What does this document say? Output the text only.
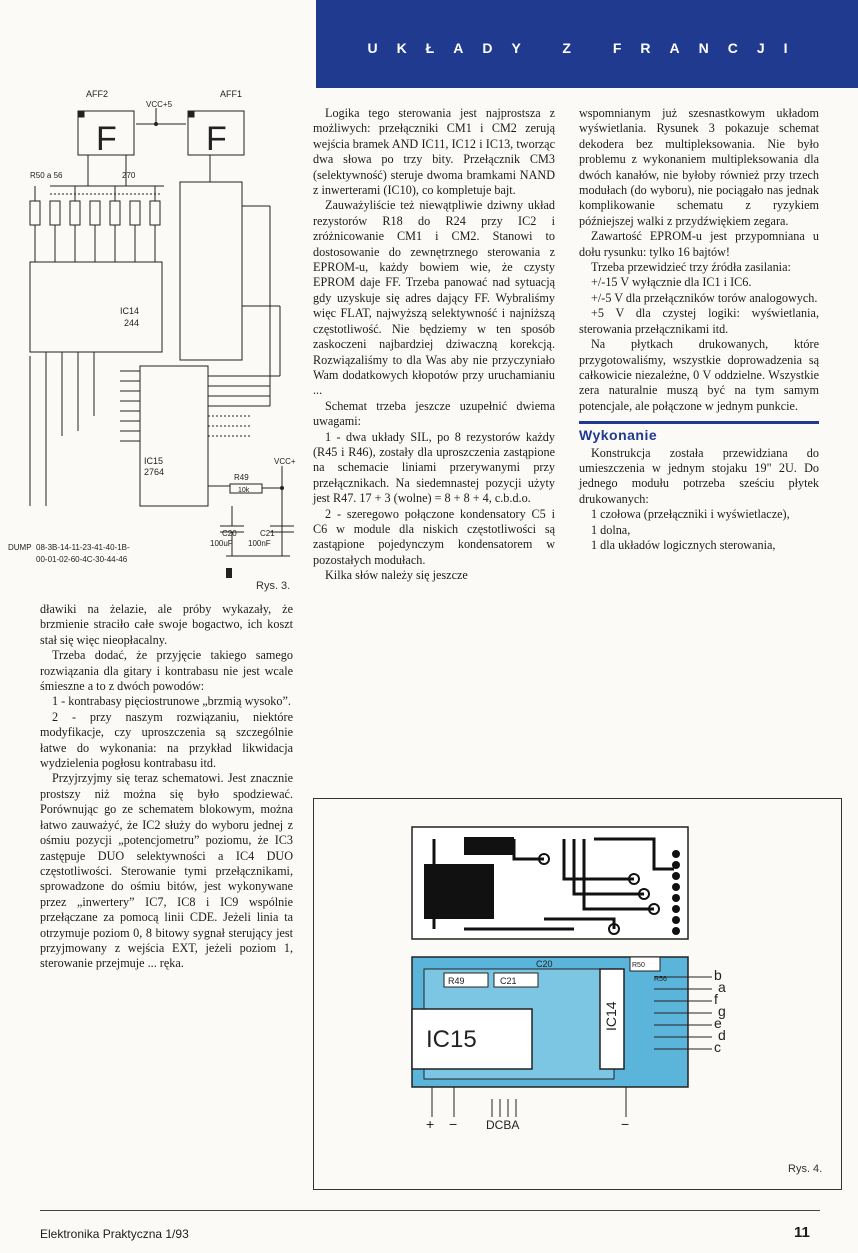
UKŁADY Z FRANCJI
AFF2	AFF1
VCC+5
F	F
R50 a 56	270
IC14
244
IC15
2764
R49
10k
VCC+
C20
100uF
C21
100nF
DUMP 08-3B-14-11-23-41-40-1B-
00-01-02-60-4C-30-44-46
Rys. 3.

dławiki na żelazie, ale próby wykazały, że brzmienie straciło całe swoje bogactwo, ich koszt stał się więc nieopłacalny.

Trzeba dodać, że przyjęcie takiego samego rozwiązania dla gitary i kontrabasu nie jest wcale śmieszne a to z dwóch powodów:

1 - kontrabasy pięciostrunowe „brzmią wysoko”.

2 - przy naszym rozwiązaniu, niektóre modyfikacje, czy uproszczenia są szczególnie łatwe do wykonania: na przykład likwidacja wydzielenia pogłosu kontrabasu itd.

Przyjrzyjmy się teraz schematowi. Jest znacznie prostszy niż można się było spodziewać. Porównując go ze schematem blokowym, można łatwo zauważyć, że IC2 służy do wyboru jednej z ośmiu pozycji „potencjometru” poziomu, że IC3 zastępuje DUO selektywności a IC4 DUO częstotliwości. Sterowanie tymi przełącznikami, sprowadzone do ośmiu bitów, jest wykonywane przez „inwertery” IC7, IC8 i IC9 wspólnie przełączane za pomocą linii CDE. Jeżeli linia ta otrzymuje poziom 0, 8 bitowy sygnał sterujący jest przyjmowany z wejścia EXT, jeżeli poziom 1, sterowanie przejmuje ... ręka.

Logika tego sterowania jest najprostsza z możliwych: przełączniki CM1 i CM2 zerują wejścia bramek AND IC11, IC12 i IC13, tworząc dwa słowa po trzy bity. Przełącznik CM3 (selektywność) steruje dwoma bramkami NAND z inwerterami (IC10), co kompletuje bajt.

Zauważyliście też niewątpliwie dziwny układ rezystorów R18 do R24 przy IC2 i zróżnicowanie CM1 i CM2. Stanowi to dostosowanie do zewnętrznego sterowania z EPROM-u, każdy bowiem wie, że czysty EPROM daje FF. Trzeba panować nad sytuacją gdy uzyskuje się adres dający FF. Wybraliśmy więc FLAT, najwyższą selektywność i najniższą częstotliwość. Nie będziemy w ten sposób zaskoczeni najbardziej dziwaczną korekcją. Rozwiązaliśmy to dla Was aby nie przyczyniało Wam dodatkowych kłopotów przy uruchamianiu ...

Schemat trzeba jeszcze uzupełnić dwiema uwagami:

1 - dwa układy SIL, po 8 rezystorów każdy (R45 i R46), zostały dla uproszczenia zastąpione na schemacie liniami przerywanymi przy przełącznikach. Na siedemnastej pozycji użyty jest R47. 17 + 3 (wolne) = 8 + 8 + 4, c.b.d.o.

2 - szeregowo połączone kondensatory C5 i C6 w module dla niskich częstotliwości są zastąpione pojedynczym kondensatorem w pozostałych modułach.

Kilka słów należy się jeszcze

wspomnianym już szesnastkowym układom wyświetlania. Rysunek 3 pokazuje schemat dekodera bez multipleksowania. Nie było problemu z wykonaniem multipleksowania dla dwóch kanałów, nie byłoby również przy trzech modułach (do wyboru), nie pociągało nas jednak komplikowanie schematu z ryzykiem późniejszej walki z przydźwiękiem zegara.

Zawartość EPROM-u jest przypomniana u dołu rysunku: tylko 16 bajtów!

Trzeba przewidzieć trzy źródła zasilania:

+/-15 V wyłącznie dla IC1 i IC6.

+/-5 V dla przełączników torów analogowych.

+5 V dla czystej logiki: wyświetlania, sterowania przełącznikami itd.

Na płytkach drukowanych, które przygotowaliśmy, wszystkie doprowadzenia są całkowicie niezależne, 0 V oddzielne. Wszystkie zera naturalnie muszą być na tym samym potencjale, ale połączone w jednym punkcie.

Wykonanie

Konstrukcja została przewidziana do umieszczenia w jednym stojaku 19" 2U. Do jednego modułu potrzeba sześciu płytek drukowanych:

1 czołowa (przełączniki i wyświetlacze),

1 dolna,

1 dla układów logicznych sterowania,

R49	C21
C20	R50
R56
IC15
IC14
b
a
f
g
e
d
c
+ − DCBA	−
Rys. 4.
Elektronika Praktyczna 1/93	11
